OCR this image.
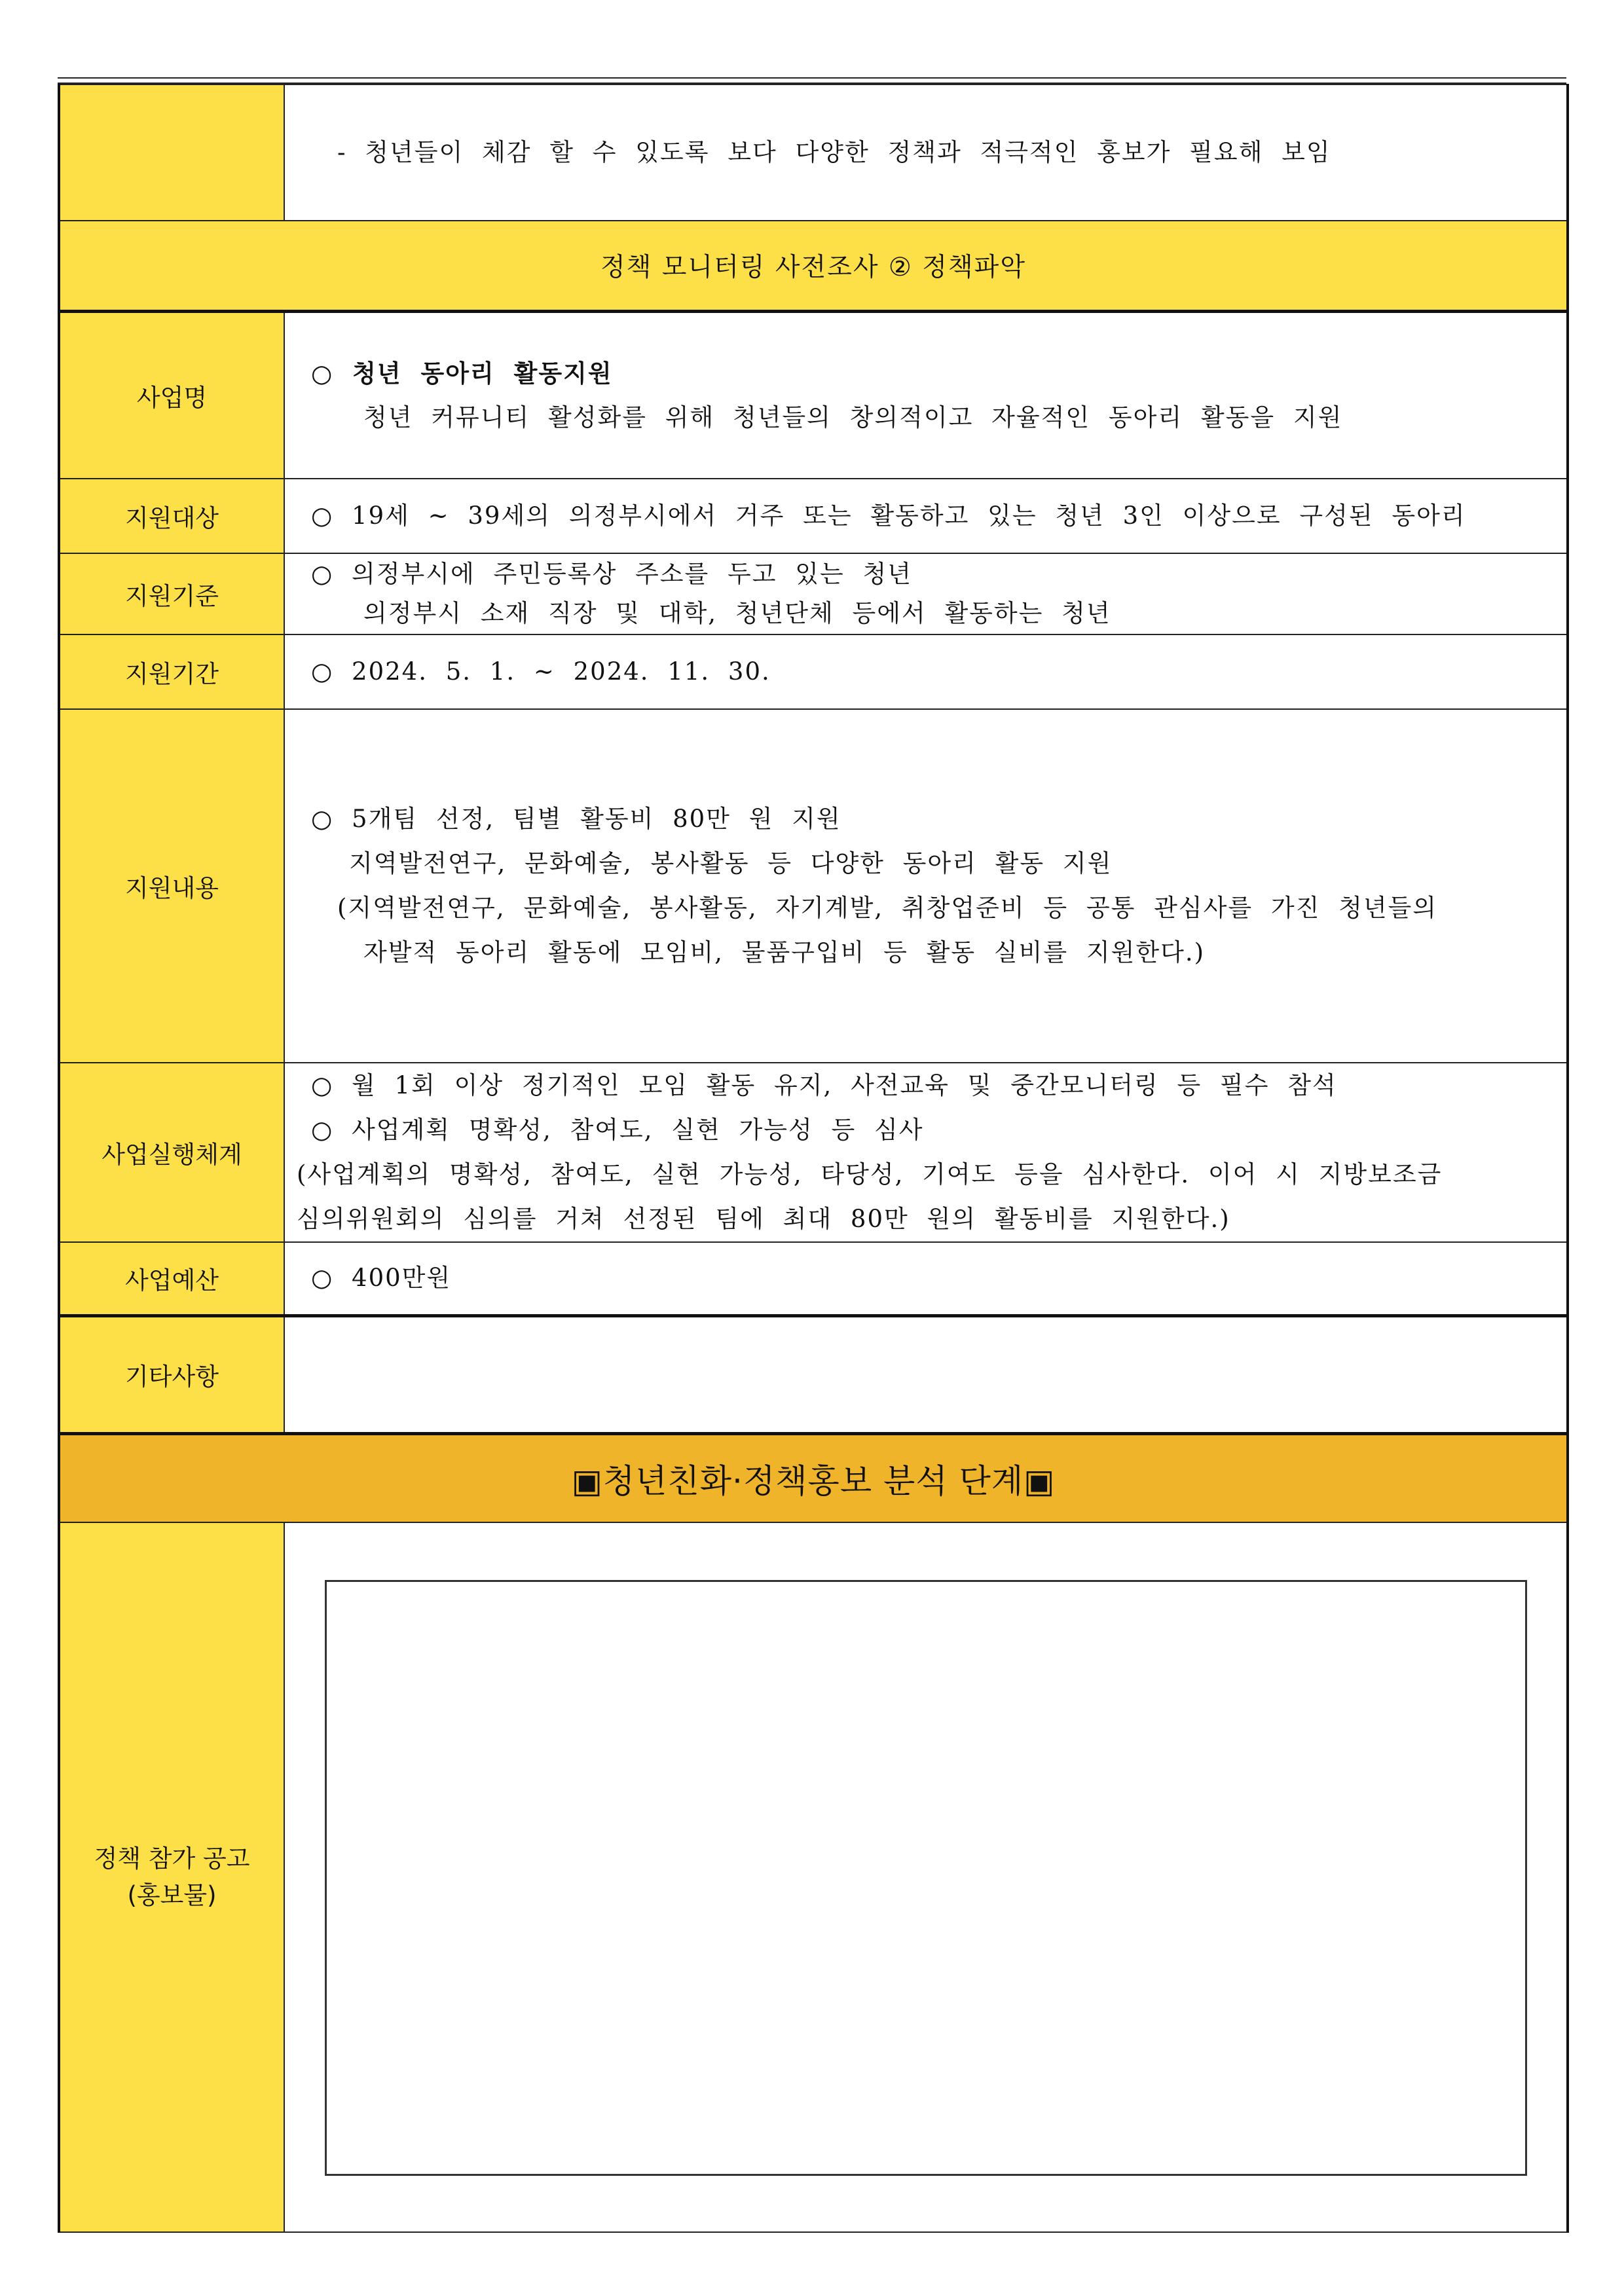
	- 청년들이 체감 할 수 있도록 보다 다양한 정책과 적극적인 홍보가 필요해 보임

정책 모니터링 사전조사 ② 정책파악	
사업명	○ 청년 동아리 활동지원
청년 커뮤니티 활성화를 위해 청년들의 창의적이고 자율적인 동아리 활동을 지원

지원대상	○ 19세 ~ 39세의 의정부시에서 거주 또는 활동하고 있는 청년 3인 이상으로 구성된 동아리

지원기준	○ 의정부시에 주민등록상 주소를 두고 있는 청년
의정부시 소재 직장 및 대학, 청년단체 등에서 활동하는 청년

지원기간	○ 2024. 5. 1. ~ 2024. 11. 30.

지원내용	○ 5개팀 선정, 팀별 활동비 80만 원 지원
지역발전연구, 문화예술, 봉사활동 등 다양한 동아리 활동 지원
(지역발전연구, 문화예술, 봉사활동, 자기계발, 취창업준비 등 공통 관심사를 가진 청년들의
자발적 동아리 활동에 모임비, 물품구입비 등 활동 실비를 지원한다.)

사업실행체계	○ 월 1회 이상 정기적인 모임 활동 유지, 사전교육 및 중간모니터링 등 필수 참석
○ 사업계획 명확성, 참여도, 실현 가능성 등 심사
(사업계획의 명확성, 참여도, 실현 가능성, 타당성, 기여도 등을 심사한다. 이어 시 지방보조금
심의위원회의 심의를 거쳐 선정된 팀에 최대 80만 원의 활동비를 지원한다.)

사업예산	○ 400만원

기타사항	
▣청년친화·정책홍보 분석 단계▣	

정책 참가 공고
(홍보물)	
